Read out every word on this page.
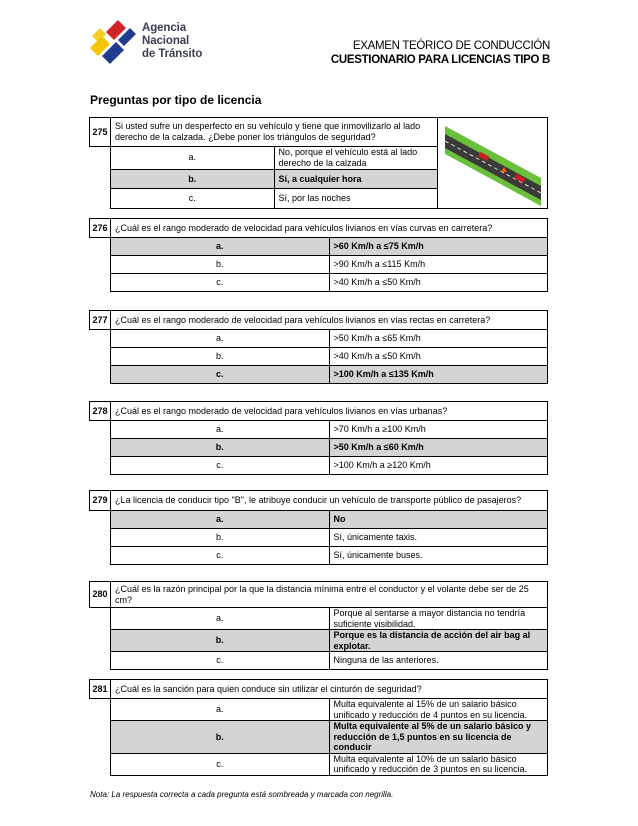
Agencia
Nacional
de Tránsito
EXAMEN TEÓRICO DE CONDUCCIÓN
CUESTIONARIO PARA LICENCIAS TIPO B
Preguntas por tipo de licencia
275	Si usted sufre un desperfecto en su vehículo y tiene que inmovilizarlo al lado derecho de la calzada. ¿Debe poner los triángulos de seguridad?	

	a.	No, porque el vehículo está al lado derecho de la calzada	
	b.	Sí, a cualquier hora	
	c.	Sí, por las noches	
276	¿Cuál es el rango moderado de velocidad para vehículos livianos en vías curvas en carretera?	
	a.	>60 Km/h a ≤75 Km/h
	b.	>90 Km/h a ≤115 Km/h
	c.	>40 Km/h a ≤50 Km/h
277	¿Cuál es el rango moderado de velocidad para vehículos livianos en vías rectas en carretera?	
	a.	>50 Km/h a ≤65 Km/h
	b.	>40 Km/h a ≤50 Km/h
	c.	>100 Km/h a ≤135 Km/h
278	¿Cuál es el rango moderado de velocidad para vehículos livianos en vías urbanas?	
	a.	>70 Km/h a ≥100 Km/h
	b.	>50 Km/h a ≤60 Km/h
	c.	>100 Km/h a ≥120 Km/h
279	¿La licencia de conducir tipo "B", le atribuye conducir un vehículo de transporte público de pasajeros?	
	a.	No
	b.	Sí, únicamente taxis.
	c.	Sí, únicamente buses.
280	¿Cuál es la razón principal por la que la distancia mínima entre el conductor y el volante debe ser de 25 cm?	
	a.	Porque al sentarse a mayor distancia no tendría suficiente visibilidad.
	b.	Porque es la distancia de acción del air bag al explotar.
	c.	Ninguna de las anteriores.
281	¿Cuál es la sanción para quien conduce sin utilizar el cinturón de seguridad?	
	a.	Multa equivalente al 15% de un salario básico unificado y reducción de 4 puntos en su licencia.
	b.	Multa equivalente al 5% de un salario básico y reducción de 1,5 puntos en su licencia de conducir
	c.	Multa equivalente al 10% de un salario básico unificado y reducción de 3 puntos en su licencia.
Nota: La respuesta correcta a cada pregunta está sombreada y marcada con negrilla.
